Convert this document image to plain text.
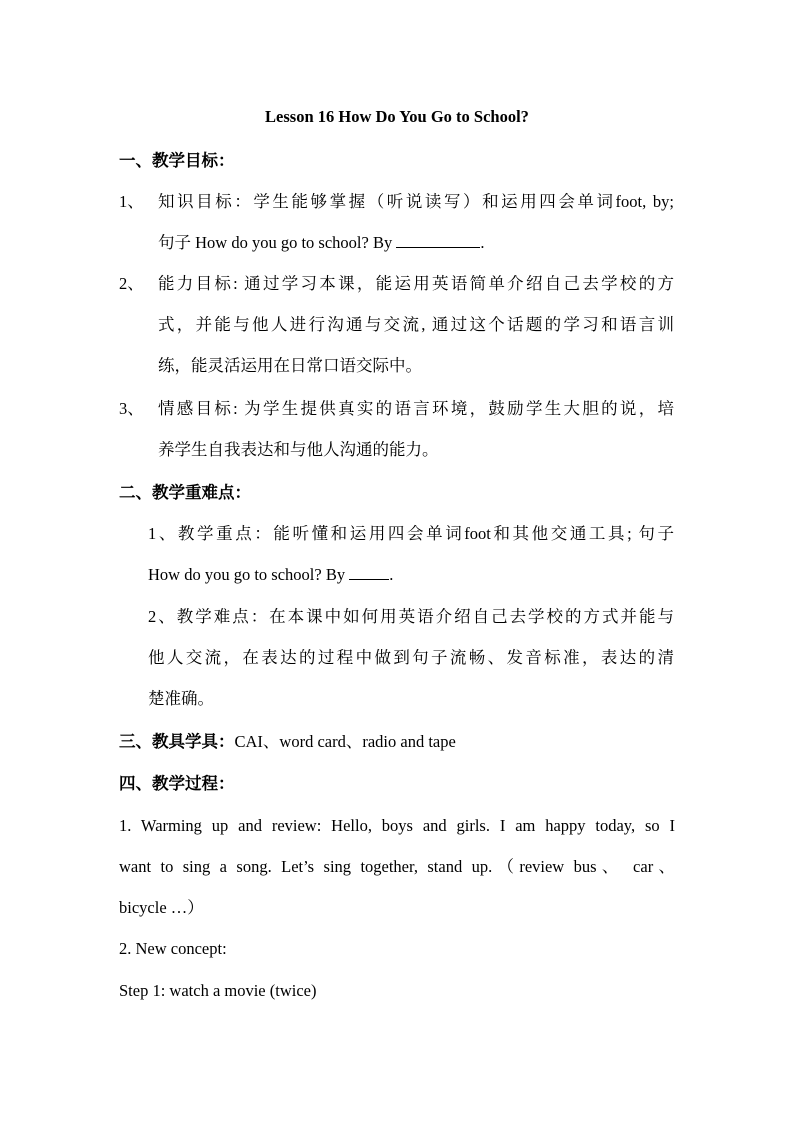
Lesson 16 How Do You Go to School?
一、教学目标：
1、 知识目标：学生能够掌握（听说读写）和运用四会单词foot, by;
句子 How do you go to school? By	.
2、 能力目标: 通过学习本课，能运用英语简单介绍自己去学校的方
式，并能与他人进行沟通与交流, 通过这个话题的学习和语言训
练，能灵活运用在日常口语交际中。
3、 情感目标: 为学生提供真实的语言环境，鼓励学生大胆的说，培
养学生自我表达和与他人沟通的能力。
二、教学重难点：
1、教学重点：能听懂和运用四会单词foot和其他交通工具; 句子
How do you go to school? By .
2、教学难点：在本课中如何用英语介绍自己去学校的方式并能与
他人交流，在表达的过程中做到句子流畅、发音标准，表达的清
楚准确。
三、教具学具：CAI、word card、radio and tape
四、教学过程：
1. Warming up and review: Hello, boys and girls. I am happy today, so I
want to sing a song. Let’s sing together, stand up.（review bus、 car、
bicycle …）
2. New concept:
Step 1: watch a movie (twice)
